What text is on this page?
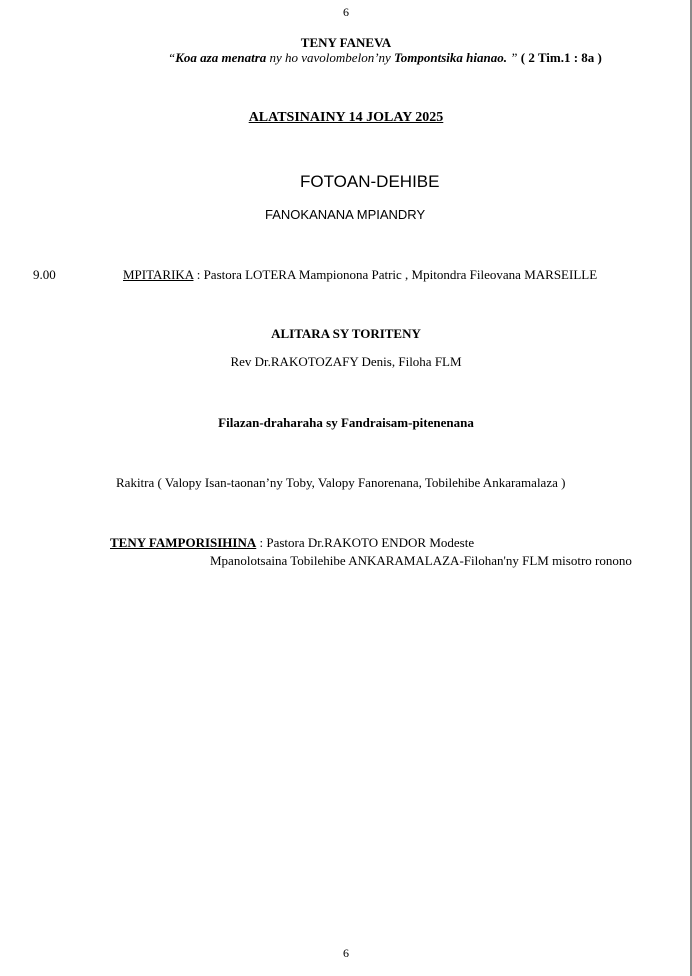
6
TENY FANEVA
“Koa aza menatra ny ho vavolombelon’ny Tompontsika hianao. ” ( 2 Tim.1 : 8a )
ALATSINAINY 14 JOLAY 2025
FOTOAN-DEHIBE
FANOKANANA MPIANDRY
9.00	MPITARIKA : Pastora LOTERA Mampionona Patric , Mpitondra Fileovana MARSEILLE
ALITARA SY TORITENY
Rev Dr.RAKOTOZAFY Denis, Filoha FLM
Filazan-draharaha sy Fandraisam-pitenenana
Rakitra ( Valopy Isan-taonan’ny Toby, Valopy Fanorenana, Tobilehibe Ankaramalaza )
TENY FAMPORISIHINA : Pastora Dr.RAKOTO ENDOR Modeste
Mpanolotsaina Tobilehibe ANKARAMALAZA-Filohan'ny FLM misotro ronono
6
